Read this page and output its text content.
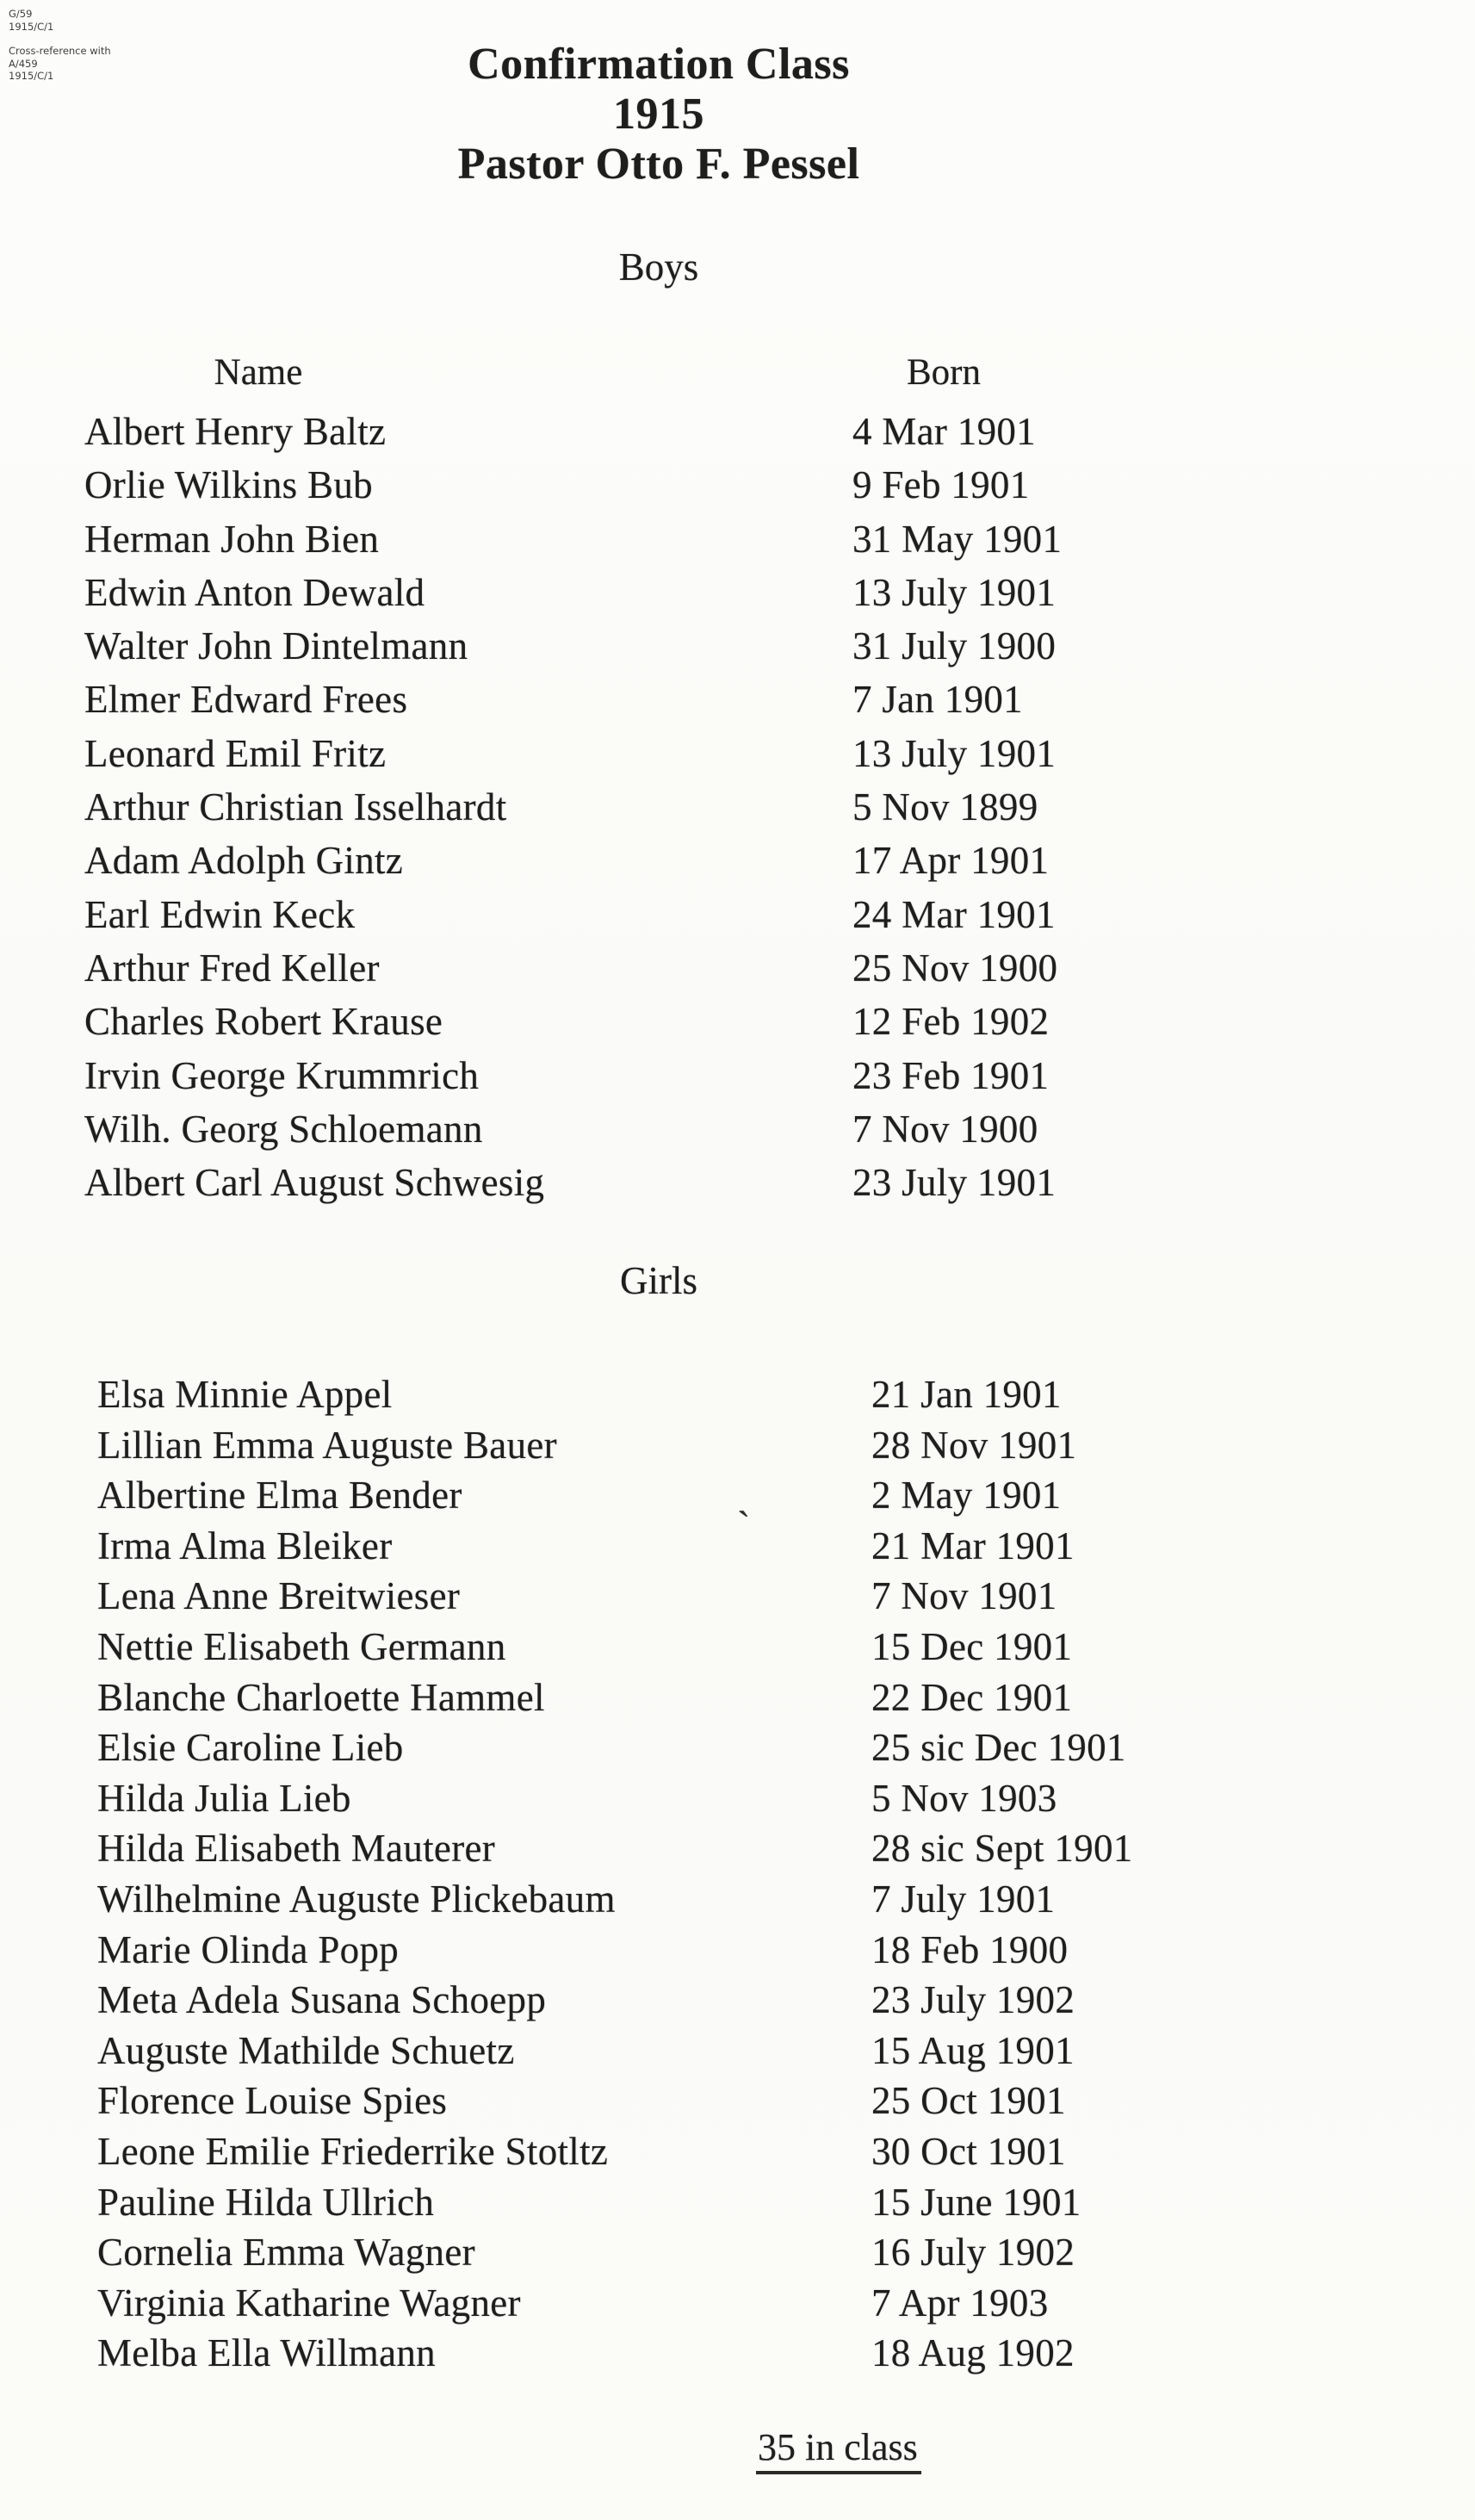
G/59
1915/C/1
Cross-reference with
A/459
1915/C/1	Confirmation Class
1915
Pastor Otto F. Pessel
Boys
Name	Born
Albert Henry Baltz	4 Mar 1901
Orlie Wilkins Bub	9 Feb 1901
Herman John Bien	31 May 1901
Edwin Anton Dewald	13 July 1901
Walter John Dintelmann	31 July 1900
Elmer Edward Frees	7 Jan 1901
Leonard Emil Fritz	13 July 1901
Arthur Christian Isselhardt	5 Nov 1899
Adam Adolph Gintz	17 Apr 1901
Earl Edwin Keck	24 Mar 1901
Arthur Fred Keller	25 Nov 1900
Charles Robert Krause	12 Feb 1902
Irvin George Krummrich	23 Feb 1901
Wilh. Georg Schloemann	7 Nov 1900
Albert Carl August Schwesig	23 July 1901
Girls
Elsa Minnie Appel	21 Jan 1901
Lillian Emma Auguste Bauer	28 Nov 1901
Albertine Elma Bender	2 May 1901
Irma Alma Bleiker	21 Mar 1901
Lena Anne Breitwieser	7 Nov 1901
Nettie Elisabeth Germann	15 Dec 1901
Blanche Charloette Hammel	22 Dec 1901
Elsie Caroline Lieb	25 sic Dec 1901
Hilda Julia Lieb	5 Nov 1903
Hilda Elisabeth Mauterer	28 sic Sept 1901
Wilhelmine Auguste Plickebaum	7 July 1901
Marie Olinda Popp	18 Feb 1900
Meta Adela Susana Schoepp	23 July 1902
Auguste Mathilde Schuetz	15 Aug 1901
Florence Louise Spies	25 Oct 1901
Leone Emilie Friederrike Stotltz	30 Oct 1901
Pauline Hilda Ullrich	15 June 1901
Cornelia Emma Wagner	16 July 1902
Virginia Katharine Wagner	7 Apr 1903
Melba Ella Willmann	18 Aug 1902
`
35 in class
